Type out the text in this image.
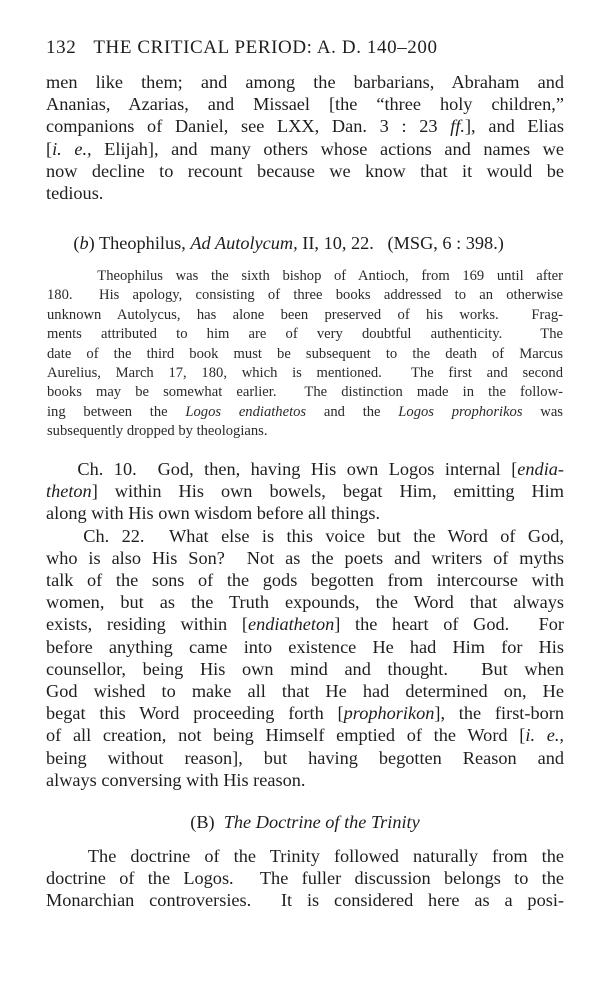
132 THE CRITICAL PERIOD: A. D. 140–200
men like them; and among the barbarians, Abraham and
Ananias, Azarias, and Missael [the “three holy children,”
companions of Daniel, see LXX, Dan. 3 : 23 ff.], and Elias
[i. e., Elijah], and many others whose actions and names we
now decline to recount because we know that it would be
tedious.
(b) Theophilus, Ad Autolycum, II, 10, 22.   (MSG, 6 : 398.)
Theophilus was the sixth bishop of Antioch, from 169 until after
180.  His apology, consisting of three books addressed to an otherwise
unknown Autolycus, has alone been preserved of his works.  Frag-
ments attributed to him are of very doubtful authenticity.  The
date of the third book must be subsequent to the death of Marcus
Aurelius, March 17, 180, which is mentioned.  The first and second
books may be somewhat earlier.  The distinction made in the follow-
ing between the Logos endiathetos and the Logos prophorikos was
subsequently dropped by theologians.
Ch. 10.  God, then, having His own Logos internal [endia-
theton] within His own bowels, begat Him, emitting Him
along with His own wisdom before all things.
Ch. 22.  What else is this voice but the Word of God,
who is also His Son?  Not as the poets and writers of myths
talk of the sons of the gods begotten from intercourse with
women, but as the Truth expounds, the Word that always
exists, residing within [endiatheton] the heart of God.  For
before anything came into existence He had Him for His
counsellor, being His own mind and thought.  But when
God wished to make all that He had determined on, He
begat this Word proceeding forth [prophorikon], the first-born
of all creation, not being Himself emptied of the Word [i. e.,
being without reason], but having begotten Reason and
always conversing with His reason.
(B)  The Doctrine of the Trinity
The doctrine of the Trinity followed naturally from the
doctrine of the Logos.  The fuller discussion belongs to the
Monarchian controversies.  It is considered here as a posi-
